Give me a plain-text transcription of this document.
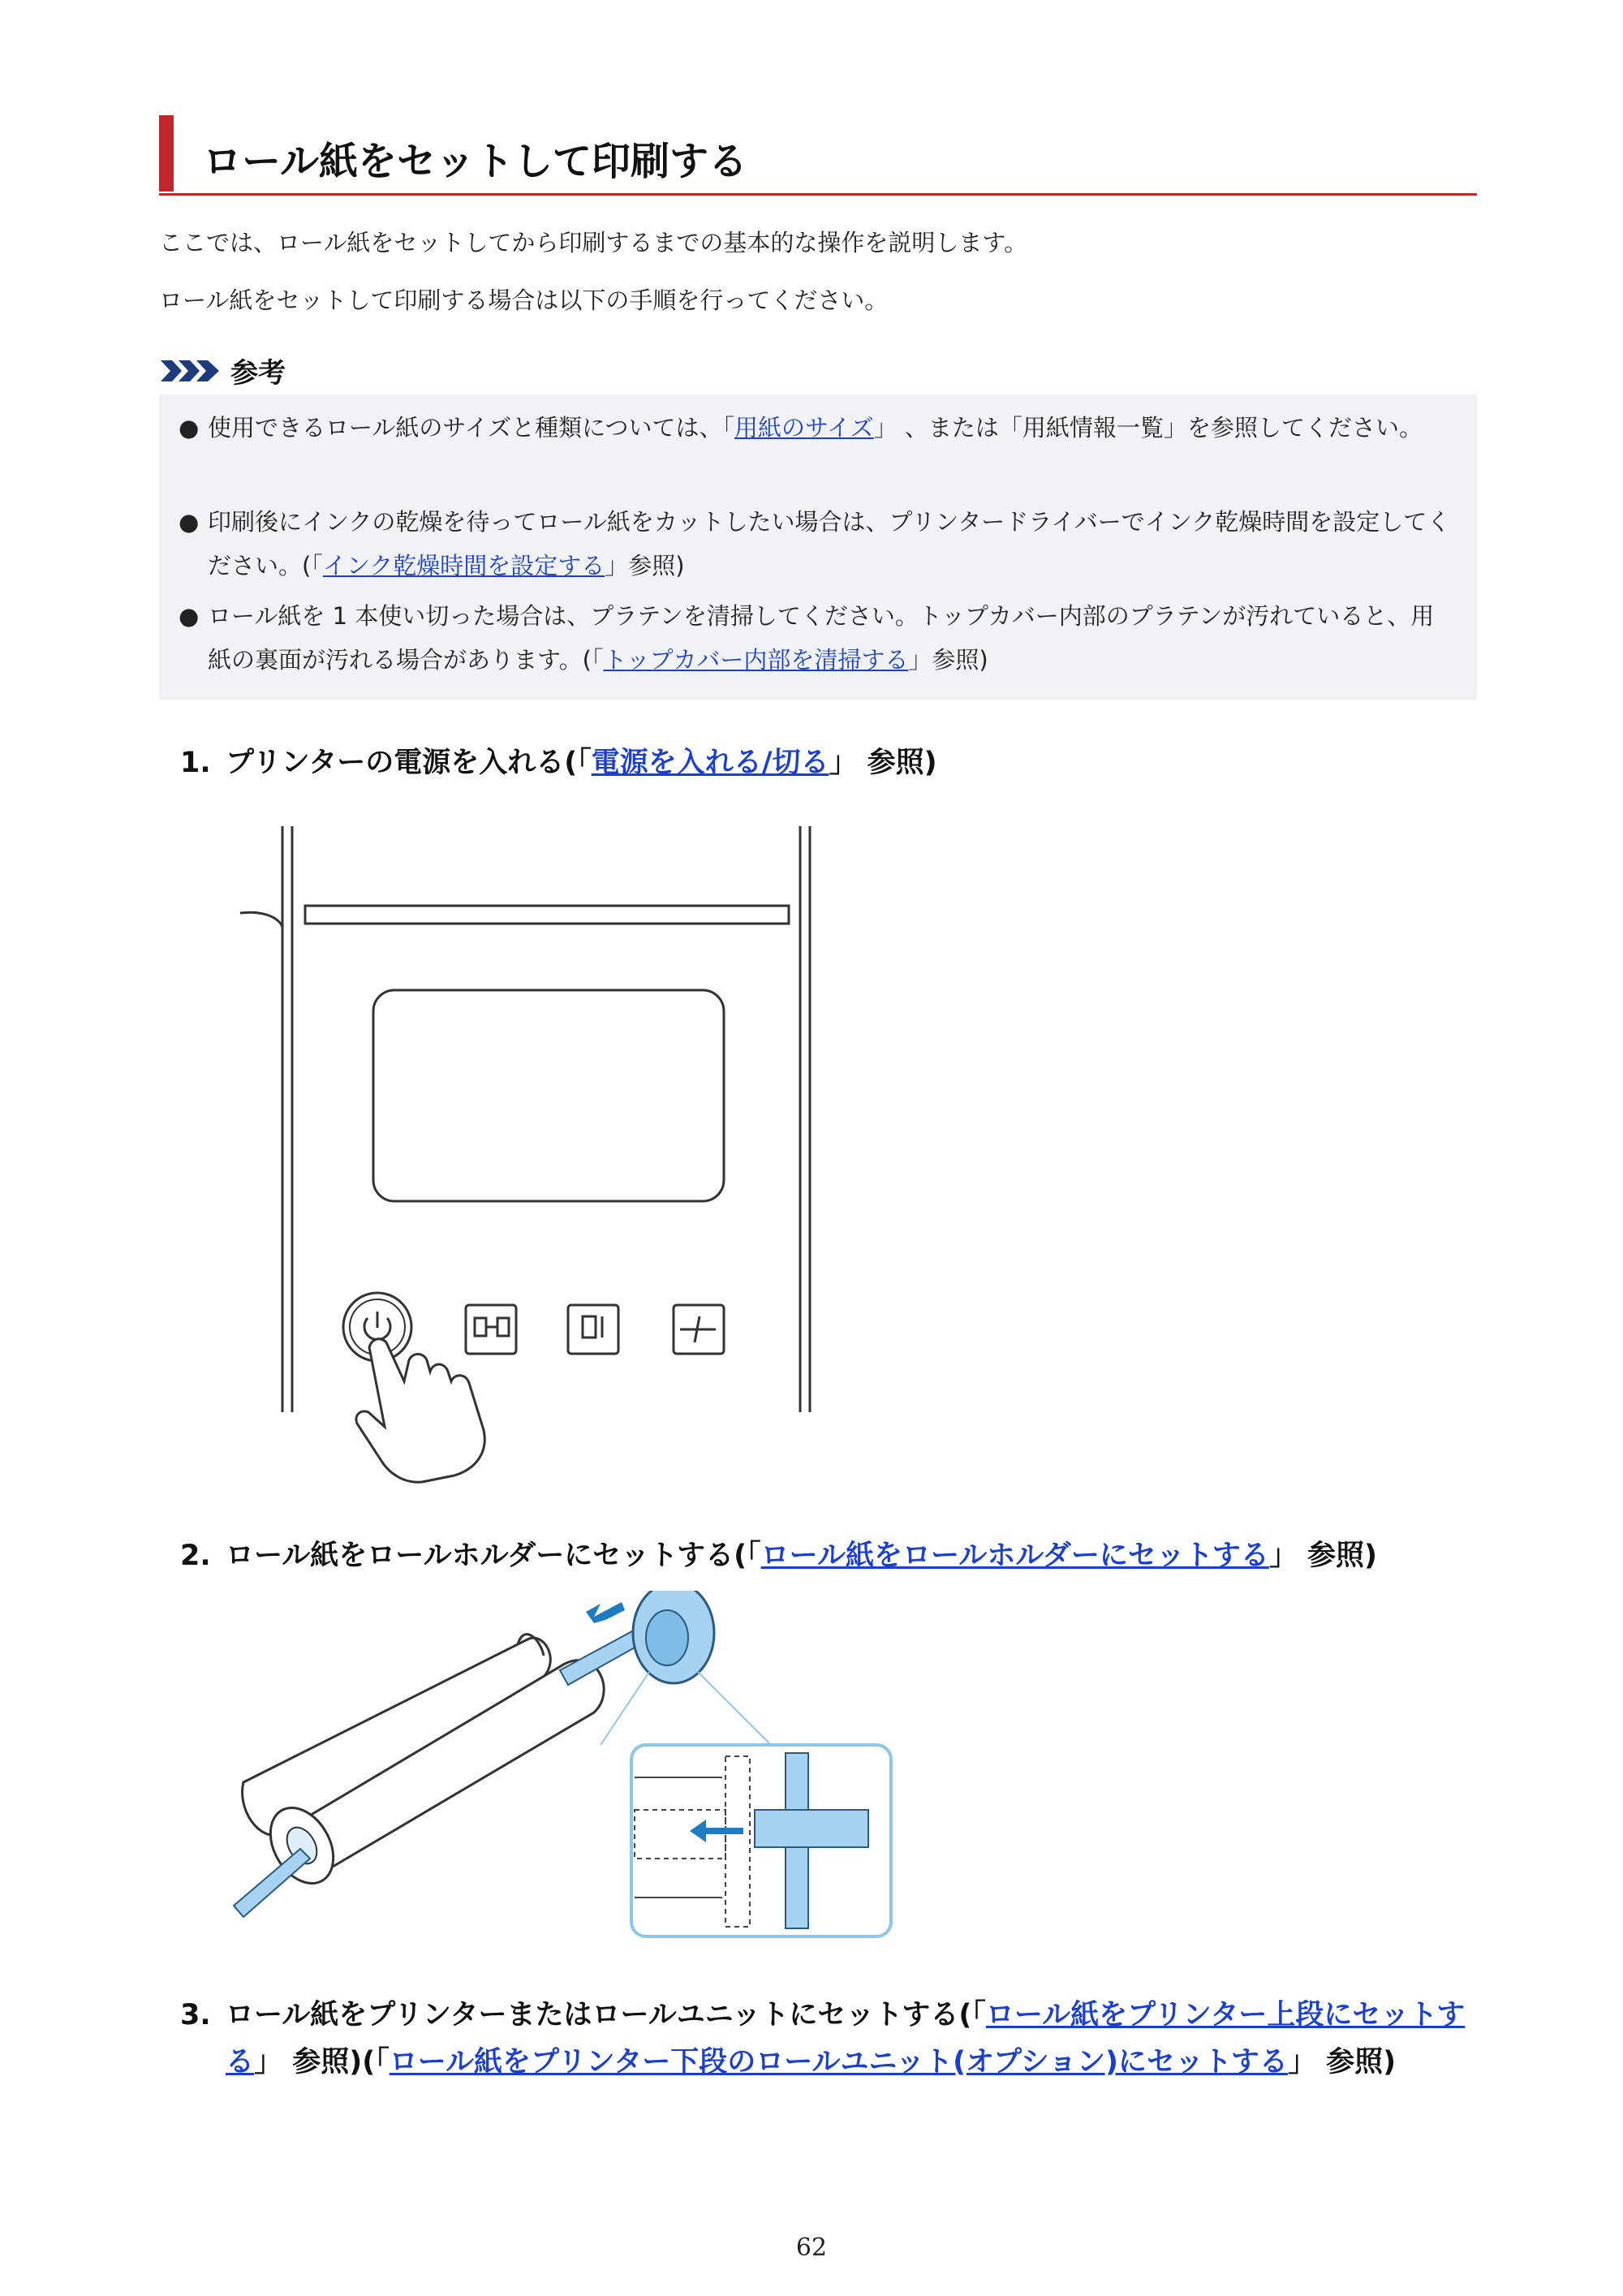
ロール紙をセットして印刷する
ここでは、ロール紙をセットしてから印刷するまでの基本的な操作を説明します。
ロール紙をセットして印刷する場合は以下の手順を行ってください。
参考
● 使用できるロール紙のサイズと種類については、「用紙のサイズ」 、または「用紙情報一覧」を参照してください。
● 印刷後にインクの乾燥を待ってロール紙をカットしたい場合は、プリンタードライバーでインク乾燥時間を設定してください。(「インク乾燥時間を設定する」参照)
● ロール紙を 1 本使い切った場合は、プラテンを清掃してください。トップカバー内部のプラテンが汚れていると、用紙の裏面が汚れる場合があります。(「トップカバー内部を清掃する」参照)
1. プリンターの電源を入れる(「電源を入れる/切る」 参照)
2. ロール紙をロールホルダーにセットする(「ロール紙をロールホルダーにセットする」 参照)
3. ロール紙をプリンターまたはロールユニットにセットする(「ロール紙をプリンター上段にセットする」 参照)(「ロール紙をプリンター下段のロールユニット(オプション)にセットする」 参照)
62
